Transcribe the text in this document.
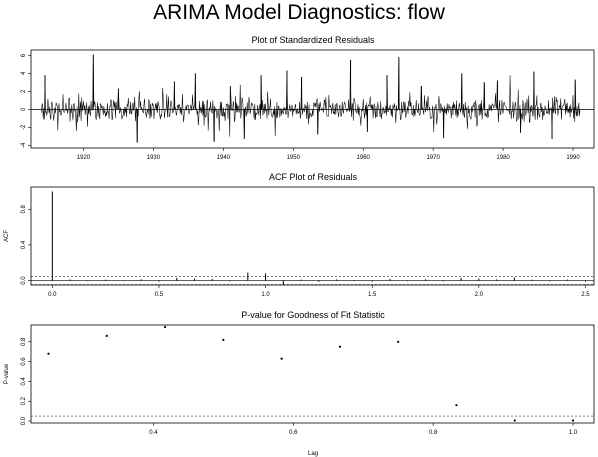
ARIMA Model Diagnostics: flow
Plot of Standardized Residuals
1920	1930	1940	1950	1960	1970	1980	1990
-4
-2
0
2
4
6
ACF Plot of Residuals
ACF
0.0	0.5	1.0	1.5	2.0	2.5
0.0
0.4
0.8
P-value for Goodness of Fit Statistic
P-value
Lag
0.4	0.6	0.8	1.0
0.0
0.2
0.4
0.6
0.8
